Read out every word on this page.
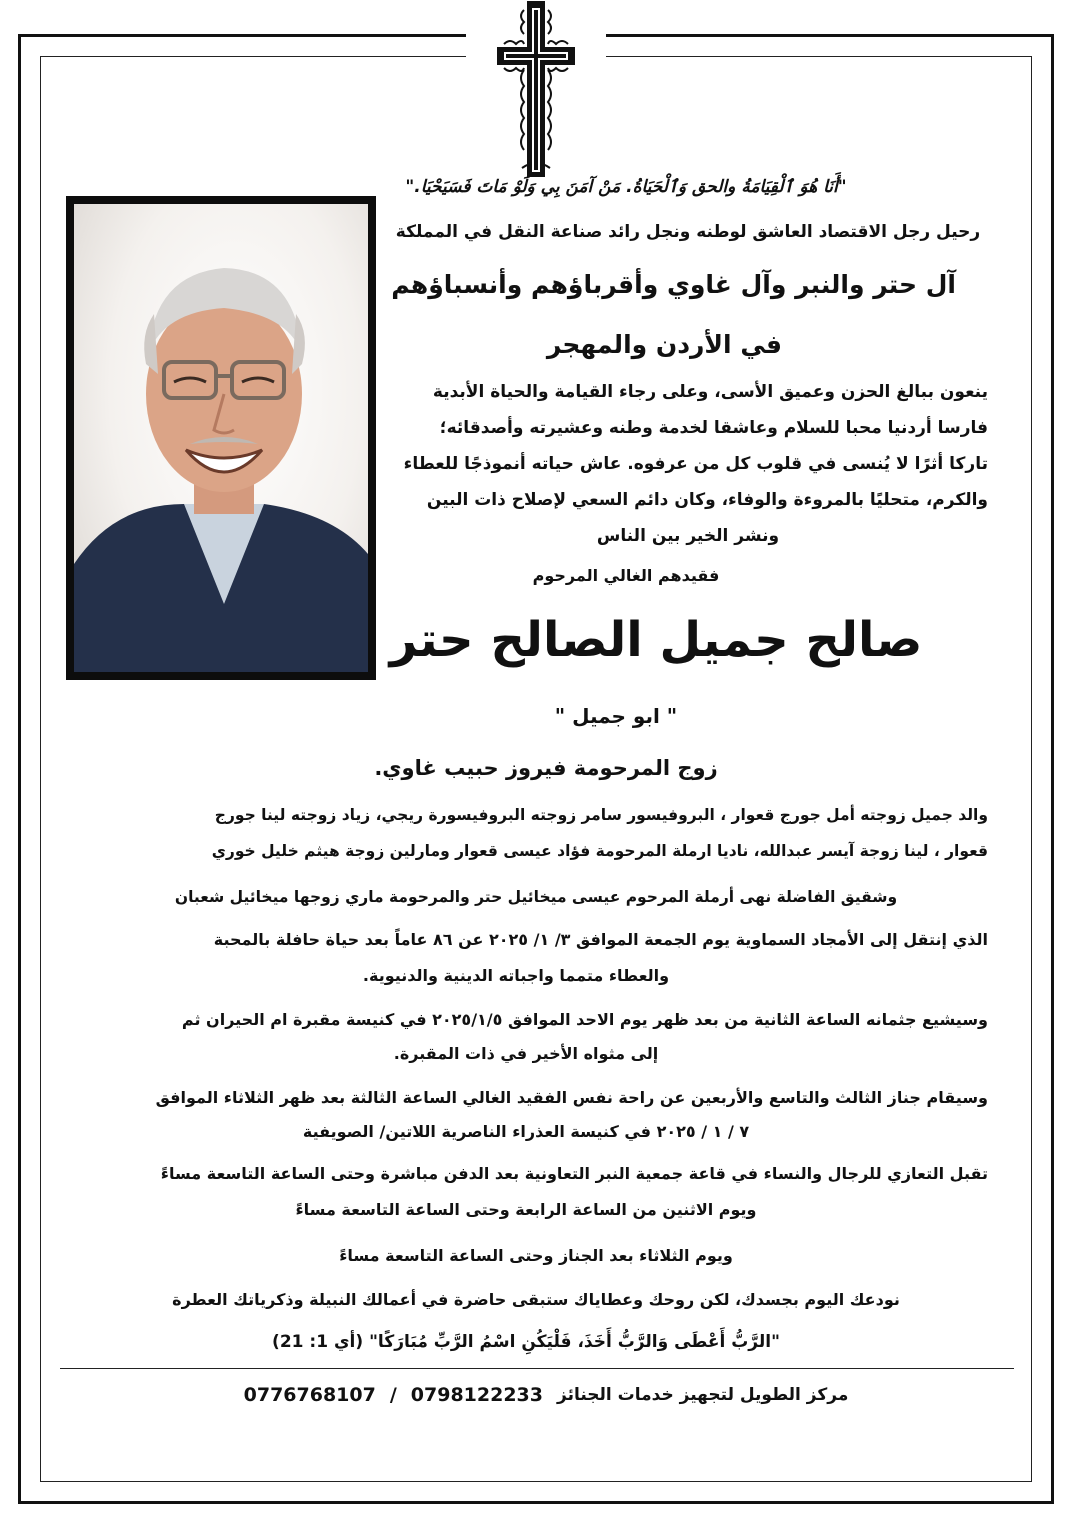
"أَنَا هُوَ ٱلْقِيَامَةُ والحق وَٱلْحَيَاةُ. مَنْ آمَنَ بِي وَلَوْ مَاتَ فَسَيَحْيَا."
رحيل رجل الاقتصاد العاشق لوطنه ونجل رائد صناعة النقل في المملكة
آل حتر والنبر وآل غاوي وأقرباؤهم وأنسباؤهم
في الأردن والمهجر
ينعون ببالغ الحزن وعميق الأسى، وعلى رجاء القيامة والحياة الأبدية
فارسا أردنيا محبا للسلام وعاشقا لخدمة وطنه وعشيرته وأصدقائه؛
تاركا أثرًا لا يُنسى في قلوب كل من عرفوه. عاش حياته أنموذجًا للعطاء
والكرم، متحليًا بالمروءة والوفاء، وكان دائم السعي لإصلاح ذات البين
ونشر الخير بين الناس
فقيدهم الغالي المرحوم
صالح جميل الصالح حتر
" ابو جميل "
زوج المرحومة فيروز حبيب غاوي.
والد جميل زوجته أمل جورج قعوار ، البروفيسور سامر زوجته البروفيسورة ريجي، زياد زوجته لينا جورج
قعوار ، لينا زوجة آيسر عبدالله، ناديا ارملة المرحومة فؤاد عيسى قعوار ومارلين زوجة هيثم خليل خوري
وشقيق الفاضلة نهى أرملة المرحوم عيسى ميخائيل حتر والمرحومة ماري زوجها ميخائيل شعبان
الذي إنتقل إلى الأمجاد السماوية يوم الجمعة الموافق ٣/ ١/ ٢٠٢٥ عن ٨٦ عاماً بعد حياة حافلة بالمحبة
والعطاء متمما واجباته الدينية والدنيوية.
وسيشيع جثمانه الساعة الثانية من بعد ظهر يوم الاحد الموافق ٢٠٢٥/١/٥ في كنيسة مقبرة ام الحيران ثم
إلى مثواه الأخير في ذات المقبرة.
وسيقام جناز الثالث والتاسع والأربعين عن راحة نفس الفقيد الغالي الساعة الثالثة بعد ظهر الثلاثاء الموافق
٧ / ١ / ٢٠٢٥ في كنيسة العذراء الناصرية اللاتين/ الصويفية
تقبل التعازي للرجال والنساء في قاعة جمعية النبر التعاونية بعد الدفن مباشرة وحتى الساعة التاسعة مساءً
ويوم الاثنين من الساعة الرابعة وحتى الساعة التاسعة مساءً
ويوم الثلاثاء بعد الجناز وحتى الساعة التاسعة مساءً
نودعك اليوم بجسدك، لكن روحك وعطاياك ستبقى حاضرة في أعمالك النبيلة وذكرياتك العطرة
"الرَّبُّ أَعْطَى وَالرَّبُّ أَخَذَ، فَلْيَكُنِ اسْمُ الرَّبِّ مُبَارَكًا" (أي 1: 21)
0776768107 / 0798122233 مركز الطويل لتجهيز خدمات الجنائز
